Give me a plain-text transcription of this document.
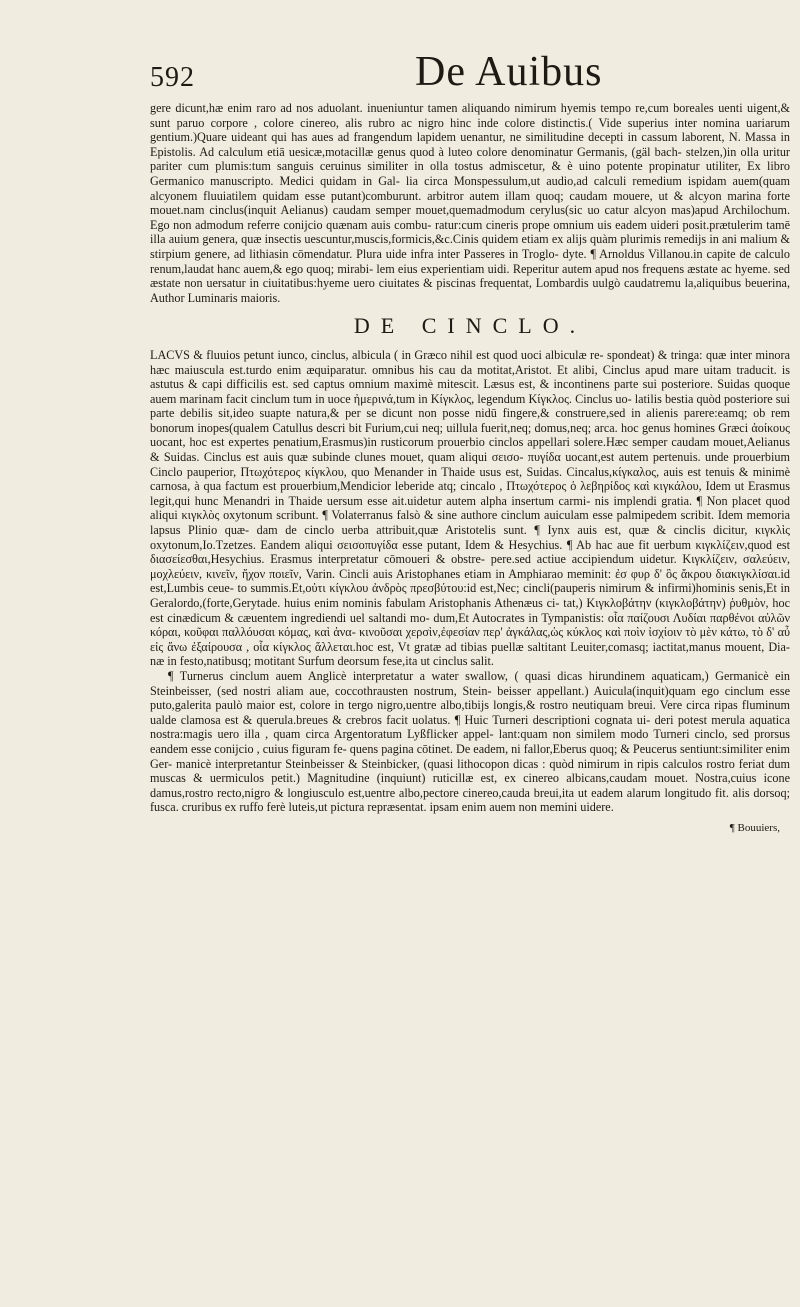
592	De Auibus

gere dicunt,hæ enim raro ad nos aduolant. inueniuntur tamen aliquando nimirum hyemis tempo re,cum boreales uenti uigent,& sunt paruo corpore , colore cinereo, alis rubro ac nigro hinc inde colore distinctis.( Vide superius inter nomina uariarum gentium.)Quare uideant qui has aues ad frangendum lapidem uenantur, ne similitudine decepti in cassum laborent, N. Massa in Epistolis. Ad calculum etiā uesicæ,motacillæ genus quod à luteo colore denominatur Germanis, (gäl bach- stelzen,)in olla uritur pariter cum plumis:tum sanguis ceruinus similiter in olla tostus admiscetur, & è uino potente propinatur utiliter, Ex libro Germanico manuscripto. Medici quidam in Gal- lia circa Monspessulum,ut audio,ad calculi remedium ispidam auem(quam alcyonem fluuiatilem quidam esse putant)comburunt. arbitror autem illam quoq; caudam mouere, ut & alcyon marina forte mouet.nam cinclus(inquit Aelianus) caudam semper mouet,quemadmodum cerylus(sic uo catur alcyon mas)apud Archilochum. Ego non admodum referre conijcio quænam auis combu- ratur:cum cineris prope omnium uis eadem uideri posit.prætulerim tamē illa auium genera, quæ insectis uescuntur,muscis,formicis,&c.Cinis quidem etiam ex alijs quàm plurimis remedijs in ani malium & stirpium genere, ad lithiasin cōmendatur. Plura uide infra inter Passeres in Troglo- dyte. ¶ Arnoldus Villanou.in capite de calculo renum,laudat hanc auem,& ego quoq; mirabi- lem eius experientiam uidi. Reperitur autem apud nos frequens æstate ac hyeme. sed æstate non uersatur in ciuitatibus:hyeme uero ciuitates & piscinas frequentat, Lombardis uulgò caudatremu la,aliquibus beuerina, Author Luminaris maioris.

DE CINCLO.

LACVS & fluuios petunt iunco, cinclus, albicula ( in Græco nihil est quod uoci albiculæ re- spondeat) & tringa: quæ inter minora hæc maiuscula est.turdo enim æquiparatur. omnibus his cau da motitat,Aristot. Et alibi, Cinclus apud mare uitam traducit. is astutus & capi difficilis est. sed captus omnium maximè mitescit. Læsus est, & incontinens parte sui posteriore. Suidas quoque auem marinam facit cinclum tum in uoce ἠμερινά,tum in Κίγκλος, legendum Κίγκλος. Cinclus uo- latilis bestia quòd posteriore sui parte debilis sit,ideo suapte natura,& per se dicunt non posse nidū fingere,& construere,sed in alienis parere:eamq; ob rem bonorum inopes(qualem Catullus descri bit Furium,cui neq; uillula fuerit,neq; domus,neq; arca. hoc genus homines Græci ἀοίκους uocant, hoc est expertes penatium,Erasmus)in rusticorum prouerbio cinclos appellari solere.Hæc semper caudam mouet,Aelianus & Suidas. Cinclus est auis quæ subinde clunes mouet, quam aliqui σεισο- πυγίδα uocant,est autem pertenuis. unde prouerbium Cinclo pauperior, Πτωχότερος κίγκλου, quo Menander in Thaide usus est, Suidas. Cincalus,κίγκαλος, auis est tenuis & minimè carnosa, à qua factum est prouerbium,Mendicior leberide atq; cincalo , Πτωχότερος ὁ λεβηρίδος καὶ κιγκάλου, Idem ut Erasmus legit,qui hunc Menandri in Thaide uersum esse ait.uidetur autem alpha insertum carmi- nis implendi gratia. ¶ Non placet quod aliqui κιγκλὸς oxytonum scribunt. ¶ Volaterranus falsò & sine authore cinclum auiculam esse palmipedem scribit. Idem memoria lapsus Plinio quæ- dam de cinclo uerba attribuit,quæ Aristotelis sunt. ¶ Iynx auis est, quæ & cinclis dicitur, κιγκλὶς oxytonum,Io.Tzetzes. Eandem aliqui σεισοπυγίδα esse putant, Idem & Hesychius. ¶ Ab hac aue fit uerbum κιγκλίζειν,quod est διασείεσθαι,Hesychius. Erasmus interpretatur cōmoueri & obstre- pere.sed actiue accipiendum uidetur. Κιγκλίζειν, σαλεύειν, μοχλεύειν, κινεῖν, ἤχον ποιεῖν, Varin. Cincli auis Aristophanes etiam in Amphiarao meminit: ἐσ φυρ δ' ὃς ἄκρου διακιγκλίσαι.id est,Lumbis ceue- to summis.Et,οὐτι κίγκλου ἀνδρὸς πρεσβύτου:id est,Nec; cincli(pauperis nimirum & infirmi)hominis senis,Et in Geralordo,(forte,Gerytade. huius enim nominis fabulam Aristophanis Athenæus ci- tat,) Κιγκλοβάτην (κιγκλοβάτην) ῥυθμὸν, hoc est cinædicum & cæuentem ingrediendi uel saltandi mo- dum,Et Autocrates in Tympanistis: οἷα παίζουσι Λυδίαι παρθένοι αὐλῶν κόραι, κοῦφαι παλλόυσαι κόμας, καὶ ἀνα- κινοῦσαι χερσὶν,ἐφεσίαν περ' ἀγκάλας,ὡς κύκλος καὶ ποὶν ἰσχίοιν τὸ μὲν κάτω, τὸ δ' αὖ εἰς ἄνω ἐξαίρουσα , οἷα κίγκλος ἅλλεται.hoc est, Vt gratæ ad tibias puellæ saltitant Leuiter,comasq; iactitat,manus mouent, Dia- næ in festo,natibusq; motitant Surfum deorsum fese,ita ut cinclus salit.

¶ Turnerus cinclum auem Anglicè interpretatur a water swallow, ( quasi dicas hirundinem aquaticam,) Germanicè ein Steinbeisser, (sed nostri aliam aue, coccothrausten nostrum, Stein- beisser appellant.) Auicula(inquit)quam ego cinclum esse puto,galerita paulò maior est, colore in tergo nigro,uentre albo,tibijs longis,& rostro neutiquam breui. Vere circa ripas fluminum ualde clamosa est & querula.breues & crebros facit uolatus. ¶ Huic Turneri descriptioni cognata ui- deri potest merula aquatica nostra:magis uero illa , quam circa Argentoratum Lyßflicker appel- lant:quam non similem modo Turneri cinclo, sed prorsus eandem esse conijcio , cuius figuram fe- quens pagina cōtinet. De eadem, ni fallor,Eberus quoq; & Peucerus sentiunt:similiter enim Ger- manicè interpretantur Steinbeisser & Steinbicker, (quasi lithocopon dicas : quòd nimirum in ripis calculos rostro feriat dum muscas & uermiculos petit.) Magnitudine (inquiunt) ruticillæ est, ex cinereo albicans,caudam mouet. Nostra,cuius icone damus,rostro recto,nigro & longiusculo est,uentre albo,pectore cinereo,cauda breui,ita ut eadem alarum longitudo fit. alis dorsoq; fusca. cruribus ex ruffo ferè luteis,ut pictura repræsentat. ipsam enim auem non memini uidere.

¶ Bouuiers,
